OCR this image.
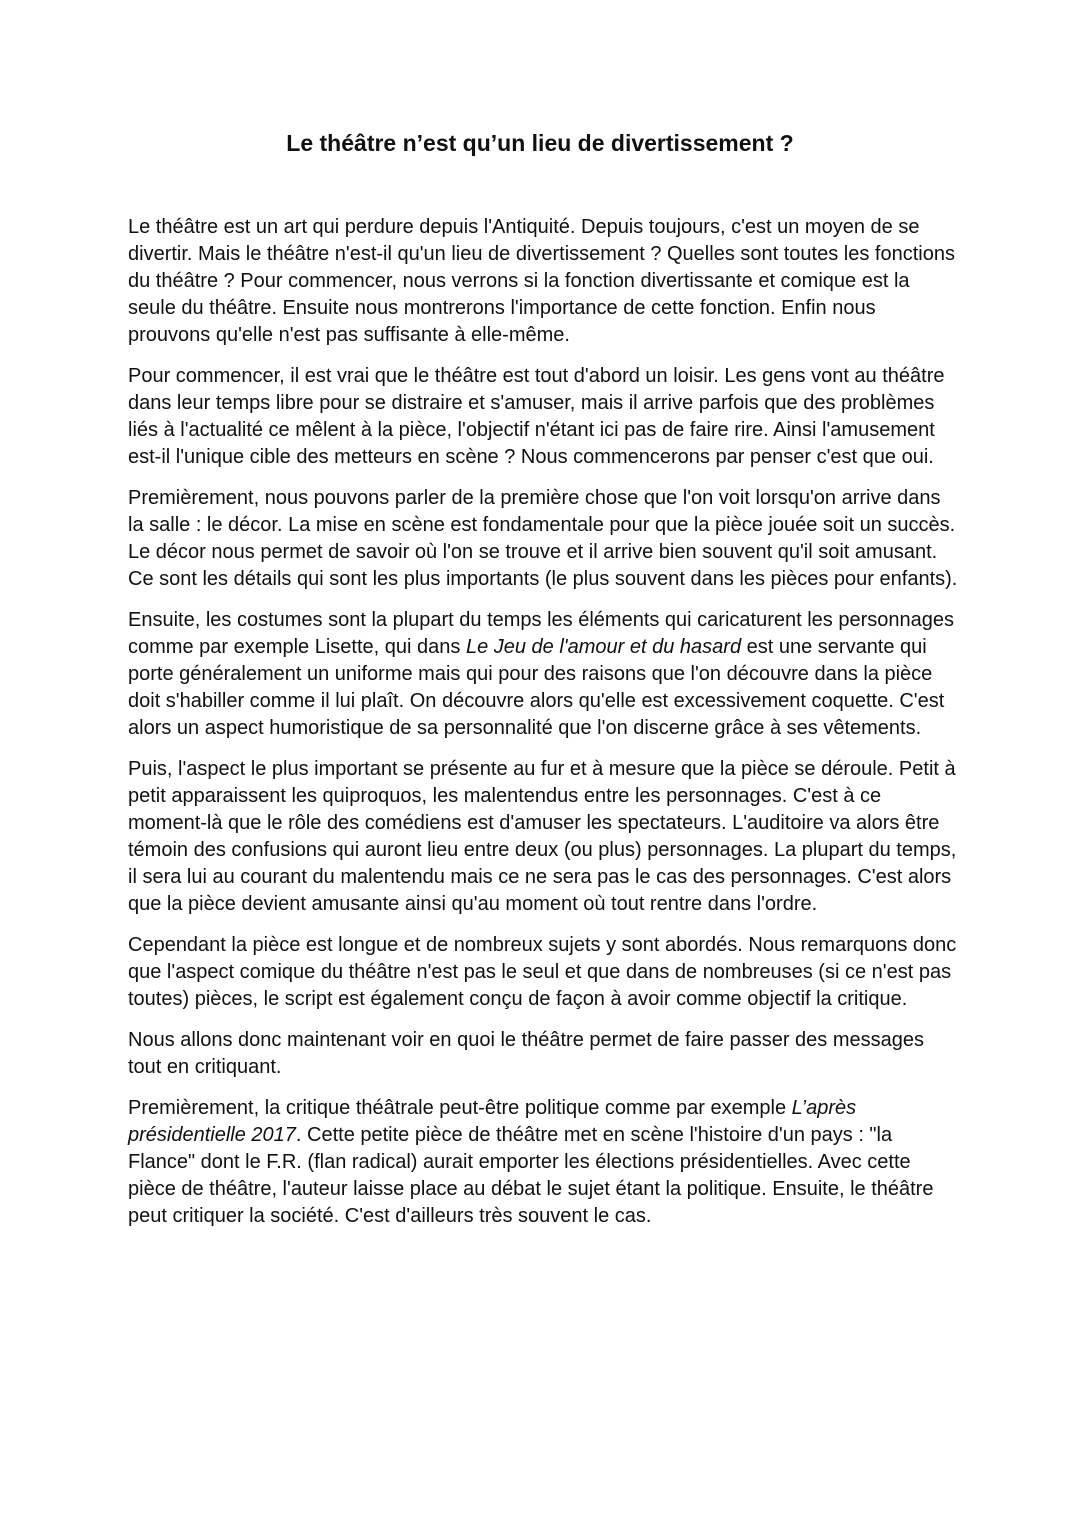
Le théâtre n’est qu’un lieu de divertissement ?

Le théâtre est un art qui perdure depuis l'Antiquité. Depuis toujours, c'est un moyen de se divertir. Mais le théâtre n'est-il qu'un lieu de divertissement ? Quelles sont toutes les fonctions du théâtre ? Pour commencer, nous verrons si la fonction divertissante et comique est la seule du théâtre. Ensuite nous montrerons l'importance de cette fonction. Enfin nous prouvons qu'elle n'est pas suffisante à elle-même.

Pour commencer, il est vrai que le théâtre est tout d'abord un loisir. Les gens vont au théâtre dans leur temps libre pour se distraire et s'amuser, mais il arrive parfois que des problèmes liés à l'actualité ce mêlent à la pièce, l'objectif n'étant ici pas de faire rire. Ainsi l'amusement est-il l'unique cible des metteurs en scène ? Nous commencerons par penser c'est que oui.

Premièrement, nous pouvons parler de la première chose que l'on voit lorsqu'on arrive dans la salle : le décor. La mise en scène est fondamentale pour que la pièce jouée soit un succès. Le décor nous permet de savoir où l'on se trouve et il arrive bien souvent qu'il soit amusant. Ce sont les détails qui sont les plus importants (le plus souvent dans les pièces pour enfants).

Ensuite, les costumes sont la plupart du temps les éléments qui caricaturent les personnages comme par exemple Lisette, qui dans Le Jeu de l'amour et du hasard est une servante qui porte généralement un uniforme mais qui pour des raisons que l'on découvre dans la pièce doit s'habiller comme il lui plaît. On découvre alors qu'elle est excessivement coquette. C'est alors un aspect humoristique de sa personnalité que l'on discerne grâce à ses vêtements.

Puis, l'aspect le plus important se présente au fur et à mesure que la pièce se déroule. Petit à petit apparaissent les quiproquos, les malentendus entre les personnages. C'est à ce moment-là que le rôle des comédiens est d'amuser les spectateurs. L'auditoire va alors être témoin des confusions qui auront lieu entre deux (ou plus) personnages. La plupart du temps, il sera lui au courant du malentendu mais ce ne sera pas le cas des personnages. C'est alors que la pièce devient amusante ainsi qu'au moment où tout rentre dans l'ordre.

Cependant la pièce est longue et de nombreux sujets y sont abordés. Nous remarquons donc que l'aspect comique du théâtre n'est pas le seul et que dans de nombreuses (si ce n'est pas toutes) pièces, le script est également conçu de façon à avoir comme objectif la critique.

Nous allons donc maintenant voir en quoi le théâtre permet de faire passer des messages tout en critiquant.

Premièrement, la critique théâtrale peut-être politique comme par exemple L’après présidentielle 2017. Cette petite pièce de théâtre met en scène l'histoire d'un pays : "la Flance" dont le F.R. (flan radical) aurait emporter les élections présidentielles. Avec cette pièce de théâtre, l'auteur laisse place au débat le sujet étant la politique. Ensuite, le théâtre peut critiquer la société. C'est d'ailleurs très souvent le cas.
